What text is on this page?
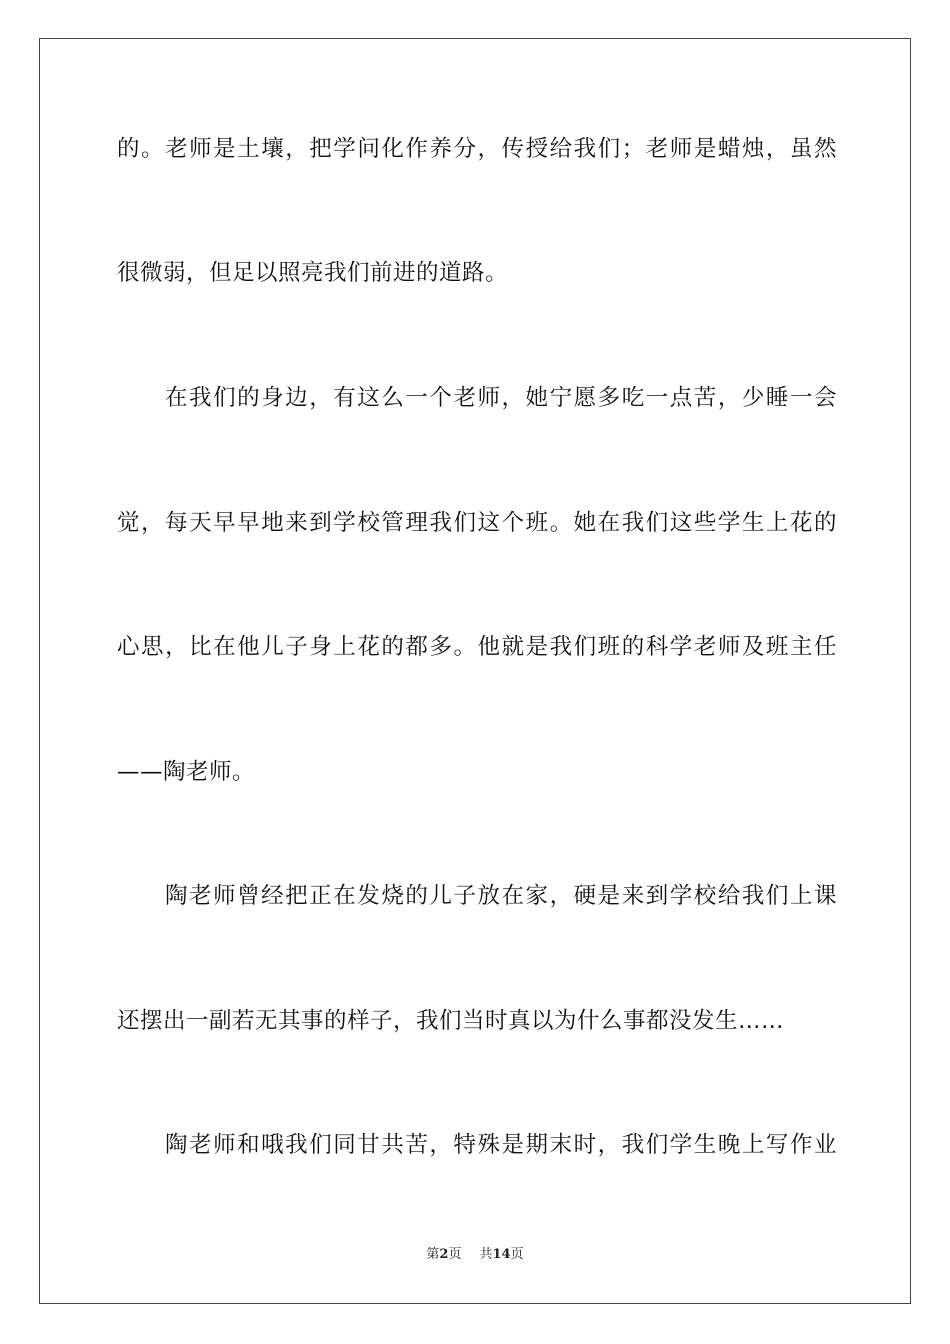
的。老师是土壤，把学问化作养分，传授给我们；老师是蜡烛，虽然
很微弱，但足以照亮我们前进的道路。
在我们的身边，有这么一个老师，她宁愿多吃一点苦，少睡一会
觉，每天早早地来到学校管理我们这个班。她在我们这些学生上花的
心思，比在他儿子身上花的都多。他就是我们班的科学老师及班主任
——陶老师。
陶老师曾经把正在发烧的儿子放在家，硬是来到学校给我们上课
还摆出一副若无其事的样子，我们当时真以为什么事都没发生……
陶老师和哦我们同甘共苦，特殊是期末时，我们学生晚上写作业
第2页 共14页
